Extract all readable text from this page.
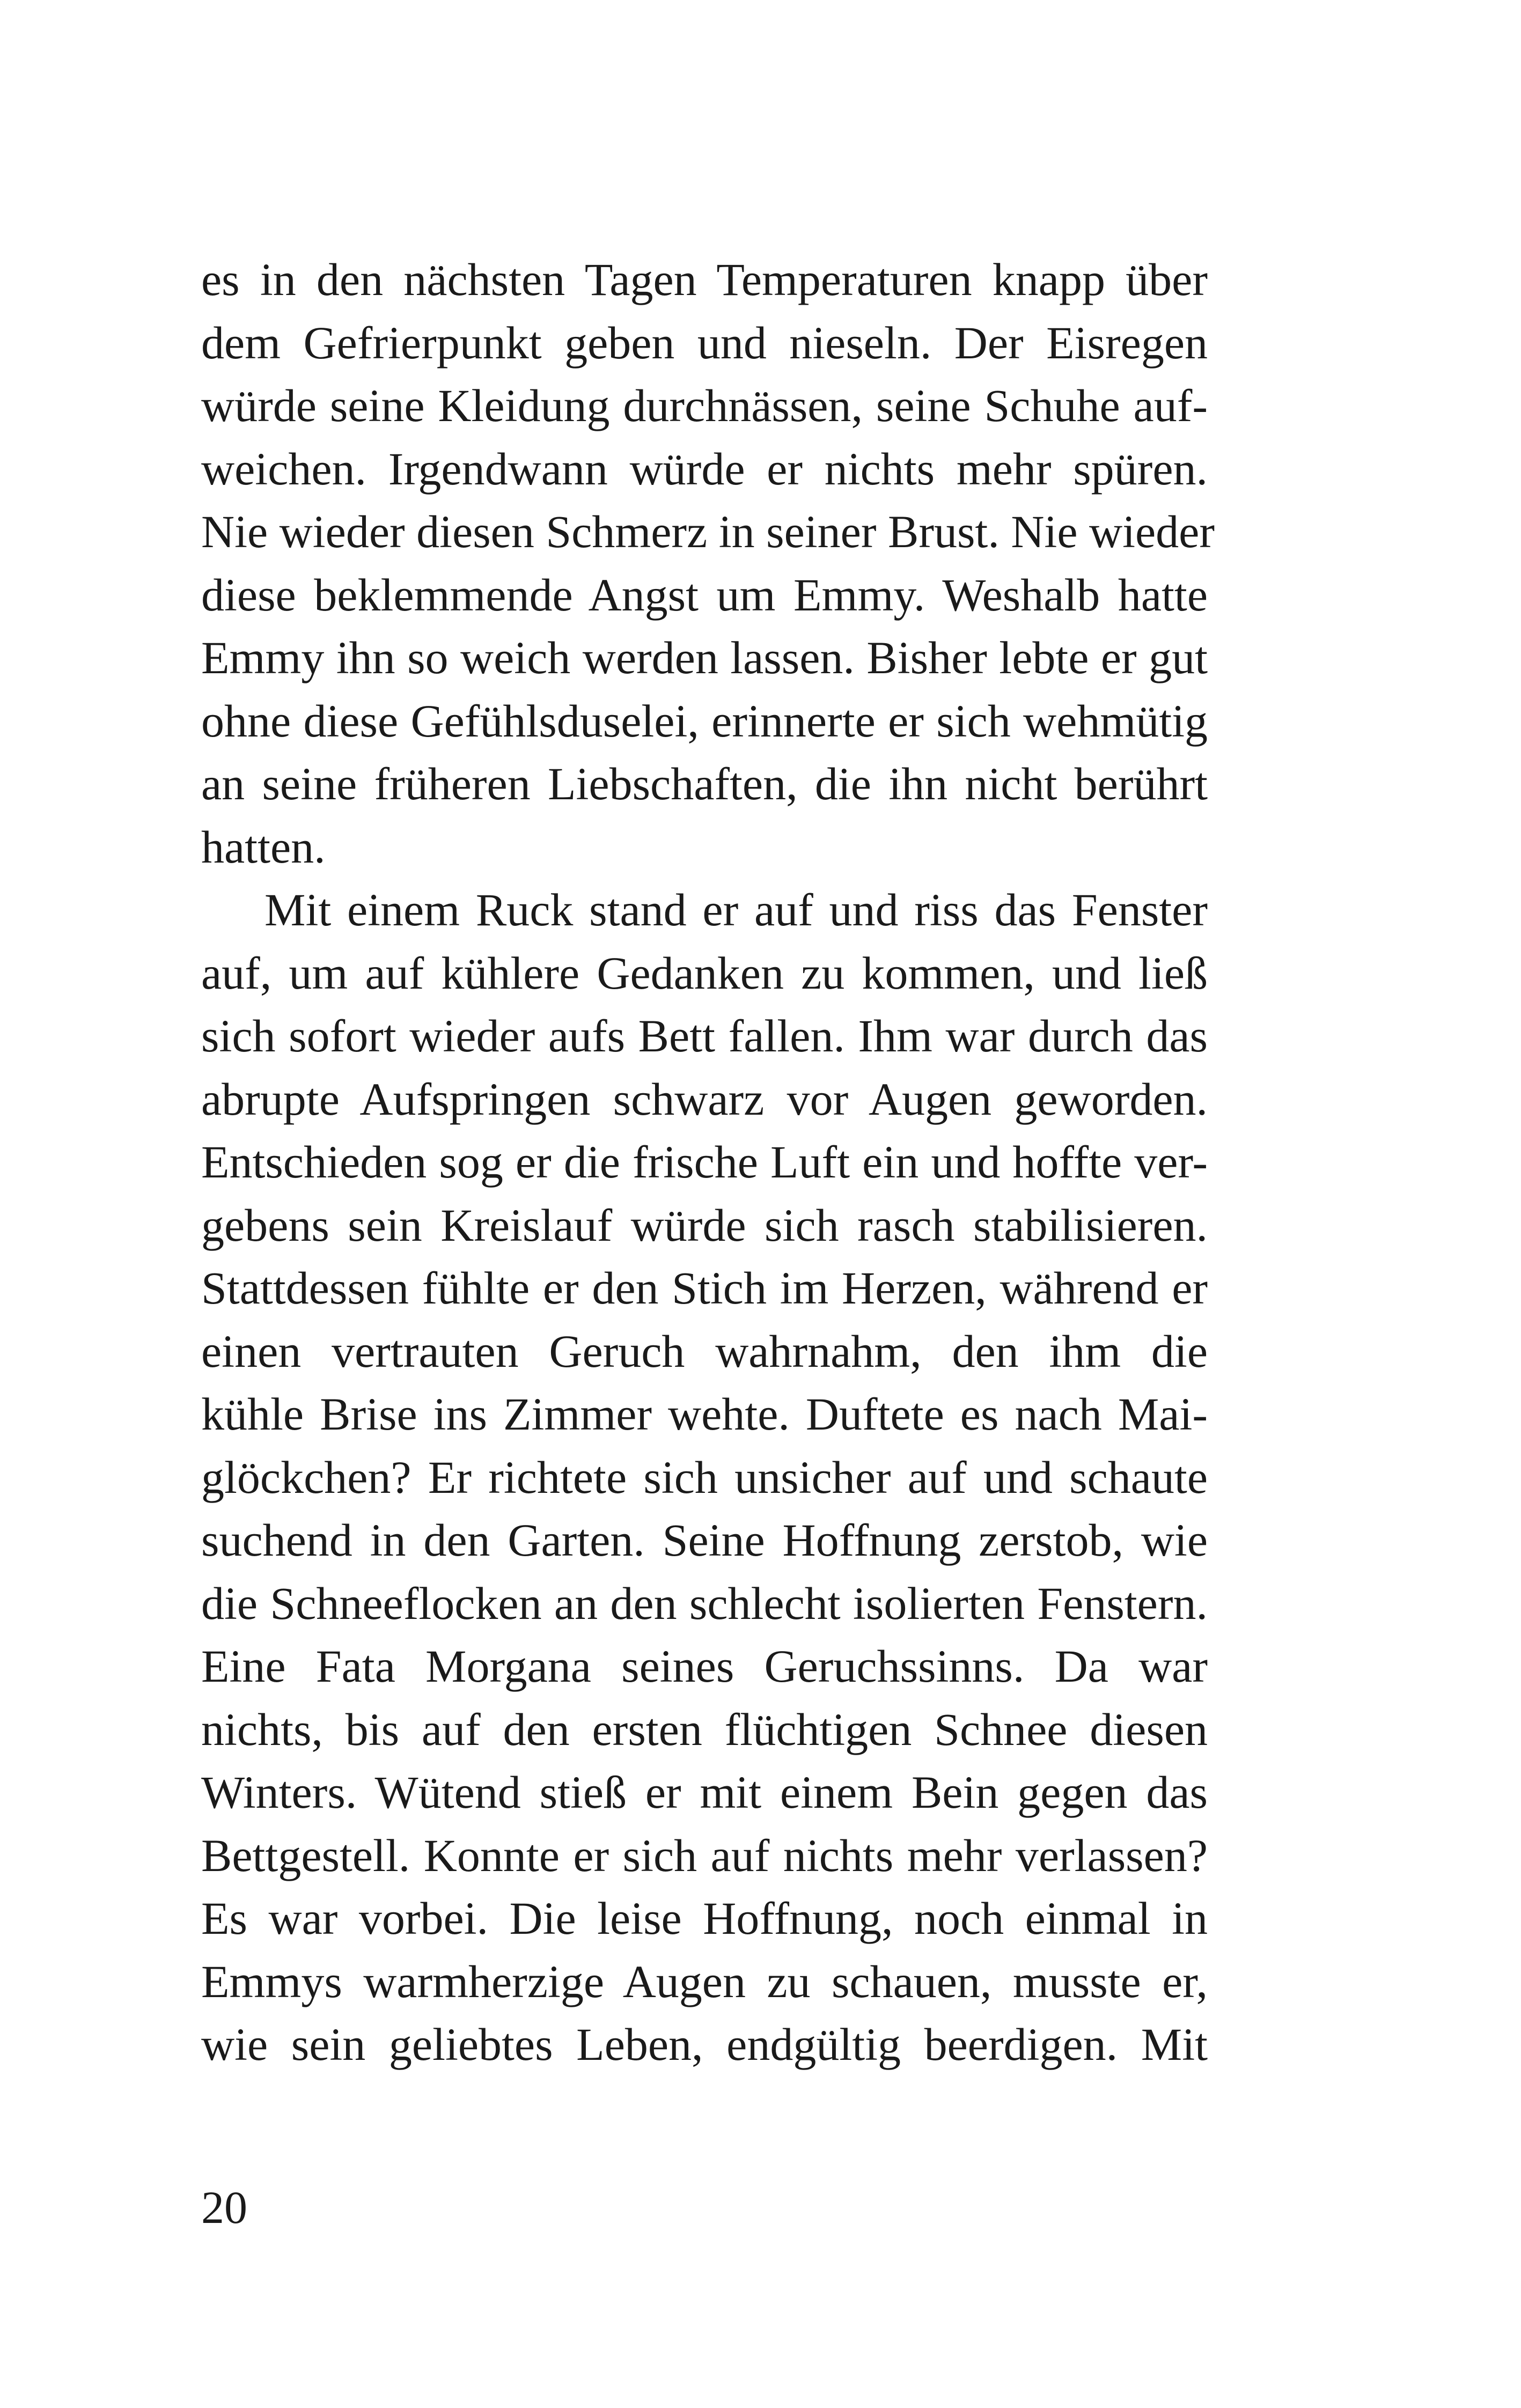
es in den nächsten Tagen Temperaturen knapp über
dem Gefrierpunkt geben und nieseln. Der Eisregen
würde seine Kleidung durchnässen, seine Schuhe auf-
weichen. Irgendwann würde er nichts mehr spüren.
Nie wieder diesen Schmerz in seiner Brust. Nie wieder
diese beklemmende Angst um Emmy. Weshalb hatte
Emmy ihn so weich werden lassen. Bisher lebte er gut
ohne diese Gefühlsduselei, erinnerte er sich wehmütig
an seine früheren Liebschaften, die ihn nicht berührt
hatten.
Mit einem Ruck stand er auf und riss das Fenster
auf, um auf kühlere Gedanken zu kommen, und ließ
sich sofort wieder aufs Bett fallen. Ihm war durch das
abrupte Aufspringen schwarz vor Augen geworden.
Entschieden sog er die frische Luft ein und hoffte ver-
gebens sein Kreislauf würde sich rasch stabilisieren.
Stattdessen fühlte er den Stich im Herzen, während er
einen vertrauten Geruch wahrnahm, den ihm die
kühle Brise ins Zimmer wehte. Duftete es nach Mai-
glöckchen? Er richtete sich unsicher auf und schaute
suchend in den Garten. Seine Hoffnung zerstob, wie
die Schneeflocken an den schlecht isolierten Fenstern.
Eine Fata Morgana seines Geruchssinns. Da war
nichts, bis auf den ersten flüchtigen Schnee diesen
Winters. Wütend stieß er mit einem Bein gegen das
Bettgestell. Konnte er sich auf nichts mehr verlassen?
Es war vorbei. Die leise Hoffnung, noch einmal in
Emmys warmherzige Augen zu schauen, musste er,
wie sein geliebtes Leben, endgültig beerdigen. Mit
20
